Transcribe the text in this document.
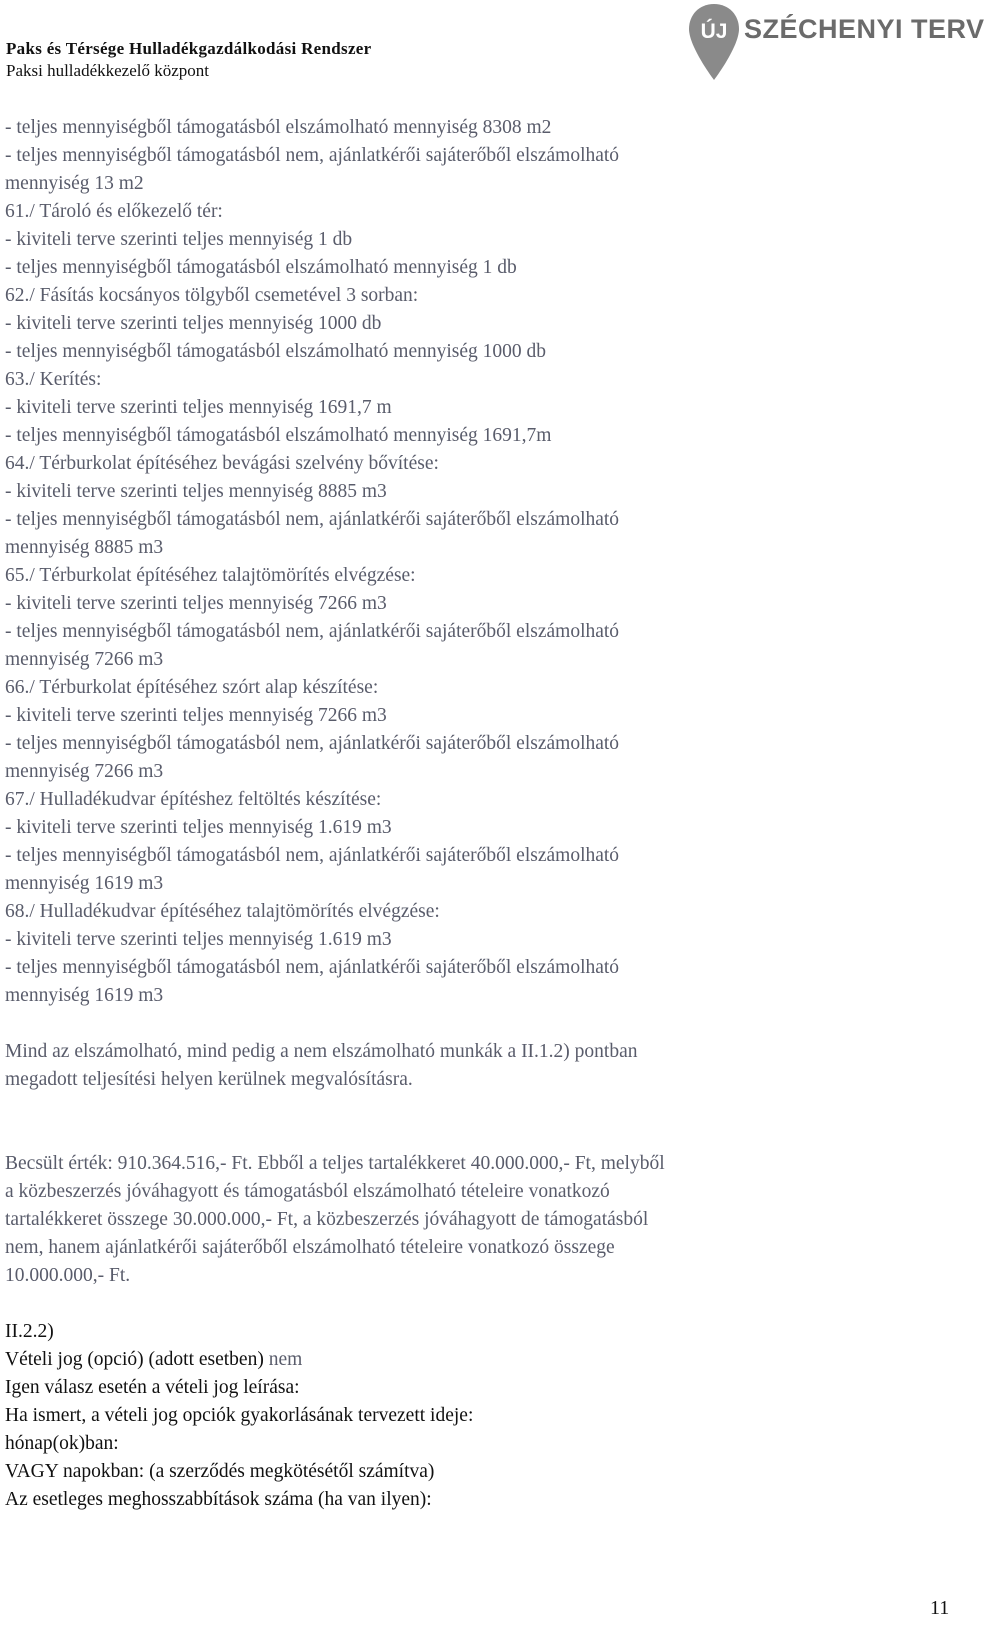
Paks és Térsége Hulladékgazdálkodási Rendszer
Paksi hulladékkezelő központ
ÚJ SZÉCHENYI TERV
- teljes mennyiségből támogatásból elszámolható mennyiség 8308 m2
- teljes mennyiségből támogatásból nem, ajánlatkérői sajáterőből elszámolható
mennyiség 13 m2
61./ Tároló és előkezelő tér:
- kiviteli terve szerinti teljes mennyiség 1 db
- teljes mennyiségből támogatásból elszámolható mennyiség 1 db
62./ Fásítás kocsányos tölgyből csemetével 3 sorban:
- kiviteli terve szerinti teljes mennyiség 1000 db
- teljes mennyiségből támogatásból elszámolható mennyiség 1000 db
63./ Kerítés:
- kiviteli terve szerinti teljes mennyiség 1691,7 m
- teljes mennyiségből támogatásból elszámolható mennyiség 1691,7m
64./ Térburkolat építéséhez bevágási szelvény bővítése:
- kiviteli terve szerinti teljes mennyiség 8885 m3
- teljes mennyiségből támogatásból nem, ajánlatkérői sajáterőből elszámolható
mennyiség 8885 m3
65./ Térburkolat építéséhez talajtömörítés elvégzése:
- kiviteli terve szerinti teljes mennyiség 7266 m3
- teljes mennyiségből támogatásból nem, ajánlatkérői sajáterőből elszámolható
mennyiség 7266 m3
66./ Térburkolat építéséhez szórt alap készítése:
- kiviteli terve szerinti teljes mennyiség 7266 m3
- teljes mennyiségből támogatásból nem, ajánlatkérői sajáterőből elszámolható
mennyiség 7266 m3
67./ Hulladékudvar építéshez feltöltés készítése:
- kiviteli terve szerinti teljes mennyiség 1.619 m3
- teljes mennyiségből támogatásból nem, ajánlatkérői sajáterőből elszámolható
mennyiség 1619 m3
68./ Hulladékudvar építéséhez talajtömörítés elvégzése:
- kiviteli terve szerinti teljes mennyiség 1.619 m3
- teljes mennyiségből támogatásból nem, ajánlatkérői sajáterőből elszámolható
mennyiség 1619 m3
Mind az elszámolható, mind pedig a nem elszámolható munkák a II.1.2) pontban
megadott teljesítési helyen kerülnek megvalósításra.
Becsült érték: 910.364.516,- Ft. Ebből a teljes tartalékkeret 40.000.000,- Ft, melyből
a közbeszerzés jóváhagyott és támogatásból elszámolható tételeire vonatkozó
tartalékkeret összege 30.000.000,- Ft, a közbeszerzés jóváhagyott de támogatásból
nem, hanem ajánlatkérői sajáterőből elszámolható tételeire vonatkozó összege
10.000.000,- Ft.
II.2.2)
Vételi jog (opció) (adott esetben) nem
Igen válasz esetén a vételi jog leírása:
Ha ismert, a vételi jog opciók gyakorlásának tervezett ideje:
hónap(ok)ban:
VAGY napokban: (a szerződés megkötésétől számítva)
Az esetleges meghosszabbítások száma (ha van ilyen):
11
